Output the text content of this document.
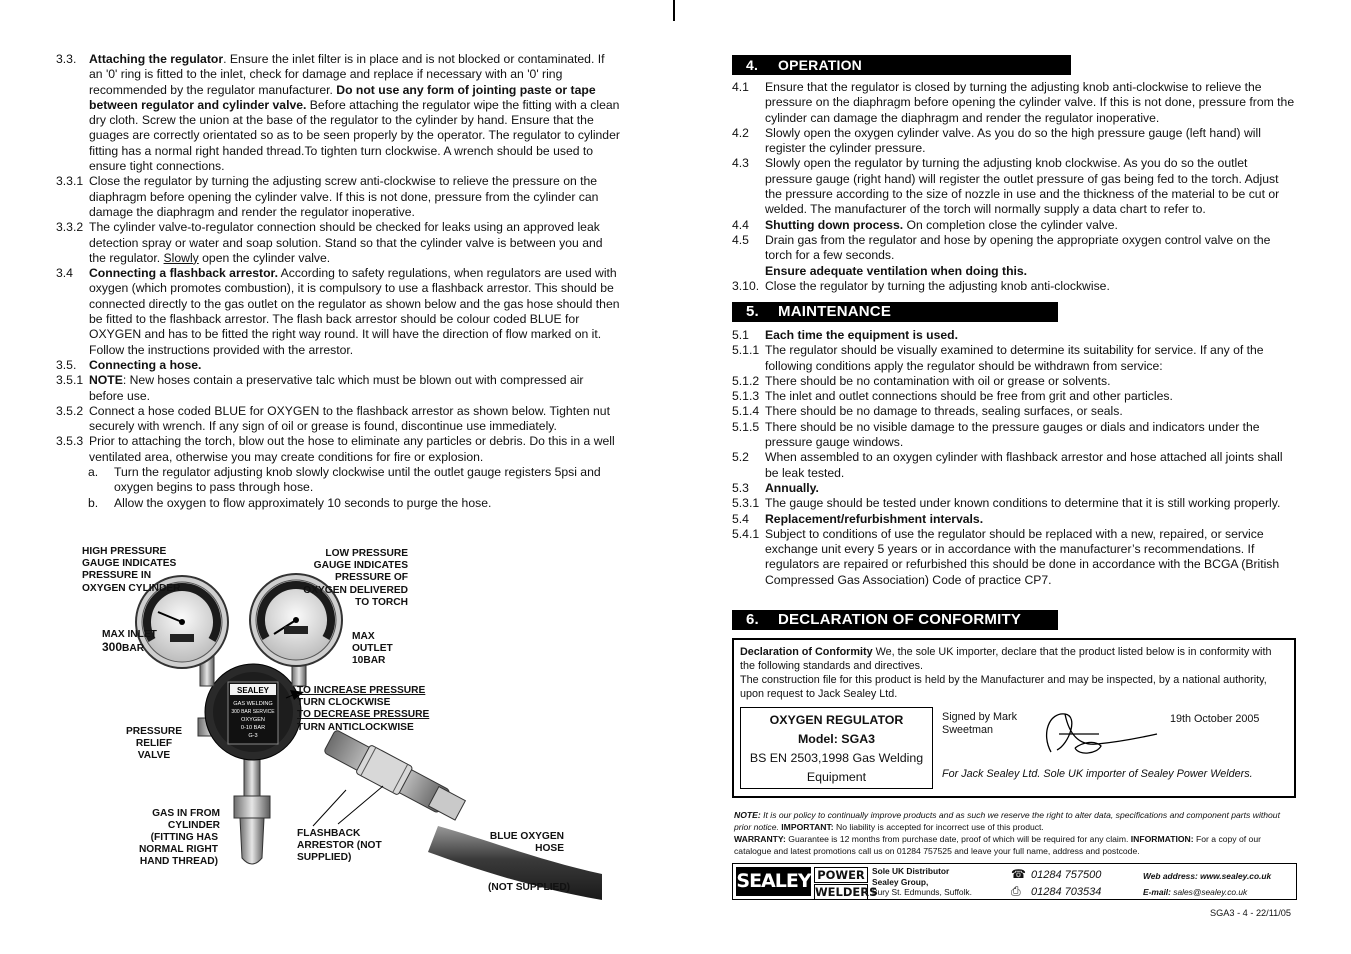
3.3.	Attaching the regulator. Ensure the inlet filter is in place and is not blocked or contaminated. If an '0' ring is fitted to the inlet, check for damage and replace if necessary with an '0' ring recommended by the regulator manufacturer. Do not use any form of jointing paste or tape between regulator and cylinder valve. Before attaching the regulator wipe the fitting with a clean dry cloth. Screw the union at the base of the regulator to the cylinder by hand. Ensure that the guages are correctly orientated so as to be seen properly by the operator. The regulator to cylinder fitting has a normal right handed thread.To tighten turn clockwise. A wrench should be used to ensure tight connections.
3.3.1 Close the regulator by turning the adjusting screw anti-clockwise to relieve the pressure on the diaphragm before opening the cylinder valve. If this is not done, pressure from the cylinder can damage the diaphragm and render the regulator inoperative.
3.3.2 The cylinder valve-to-regulator connection should be checked for leaks using an approved leak detection spray or water and soap solution. Stand so that the cylinder valve is between you and the regulator. Slowly open the cylinder valve.
3.4	Connecting a flashback arrestor. According to safety regulations, when regulators are used with oxygen (which promotes combustion), it is compulsory to use a flashback arrestor. This should be connected directly to the gas outlet on the regulator as shown below and the gas hose should then be fitted to the flashback arrestor. The flash back arrestor should be colour coded BLUE for OXYGEN and has to be fitted the right way round. It will have the direction of flow marked on it. Follow the instructions provided with the arrestor.
3.5.	Connecting a hose.
3.5.1 NOTE: New hoses contain a preservative talc which must be blown out with compressed air before use.
3.5.2 Connect a hose coded BLUE for OXYGEN to the flashback arrestor as shown below. Tighten nut securely with wrench. If any sign of oil or grease is found, discontinue use immediately.
3.5.3 Prior to attaching the torch, blow out the hose to eliminate any particles or debris. Do this in a well ventilated area, otherwise you may create conditions for fire or explosion.
a.	Turn the regulator adjusting knob slowly clockwise until the outlet gauge registers 5psi and oxygen begins to pass through hose.
b.	Allow the oxygen to flow approximately 10 seconds to purge the hose.
SEALEY
GAS WELDING
300 BAR SERVICE
OXYGEN
0-10 BAR
G-3
HIGH PRESSURE GAUGE INDICATES PRESSURE IN OXYGEN CYLINDER
MAX INLET
300BAR
LOW PRESSURE GAUGE INDICATES PRESSURE OF OXYGEN DELIVERED TO TORCH
MAX OUTLET 10BAR
TO INCREASE PRESSURE
TURN CLOCKWISE
TO DECREASE PRESSURE
TURN ANTICLOCKWISE
PRESSURE RELIEF VALVE
GAS IN FROM CYLINDER
(FITTING HAS NORMAL RIGHT HAND THREAD)
FLASHBACK ARRESTOR (NOT SUPPLIED)
BLUE OXYGEN HOSE
(NOT SUPPLIED)
4. OPERATION
4.1	Ensure that the regulator is closed by turning the adjusting knob anti-clockwise to relieve the pressure on the diaphragm before opening the cylinder valve. If this is not done, pressure from the cylinder can damage the diaphragm and render the regulator inoperative.
4.2	Slowly open the oxygen cylinder valve. As you do so the high pressure gauge (left hand) will register the cylinder pressure.
4.3	Slowly open the regulator by turning the adjusting knob clockwise. As you do so the outlet pressure gauge (right hand) will register the outlet pressure of gas being fed to the torch. Adjust the pressure according to the size of nozzle in use and the thickness of the material to be cut or welded. The manufacturer of the torch will normally supply a data chart to refer to.
4.4	Shutting down process. On completion close the cylinder valve.
4.5	Drain gas from the regulator and hose by opening the appropriate oxygen control valve on the torch for a few seconds.
Ensure adequate ventilation when doing this.
3.10. Close the regulator by turning the adjusting knob anti-clockwise.
5. MAINTENANCE
5.1	Each time the equipment is used.
5.1.1 The regulator should be visually examined to determine its suitability for service. If any of the following conditions apply the regulator should be withdrawn from service:
5.1.2 There should be no contamination with oil or grease or solvents.
5.1.3 The inlet and outlet connections should be free from grit and other particles.
5.1.4 There should be no damage to threads, sealing surfaces, or seals.
5.1.5 There should be no visible damage to the pressure gauges or dials and indicators under the pressure gauge windows.
5.2	When assembled to an oxygen cylinder with flashback arrestor and hose attached all joints shall be leak tested.
5.3	Annually.
5.3.1 The gauge should be tested under known conditions to determine that it is still working properly.
5.4	Replacement/refurbishment intervals.
5.4.1 Subject to conditions of use the regulator should be replaced with a new, repaired, or service exchange unit every 5 years or in accordance with the manufacturer’s recommendations. If regulators are repaired or refurbished this should be done in accordance with the BCGA (British Compressed Gas Association) Code of practice CP7.
6. DECLARATION OF CONFORMITY
Declaration of Conformity We, the sole UK importer, declare that the product listed below is in conformity with the following standards and directives.
The construction file for this product is held by the Manufacturer and may be inspected, by a national authority, upon request to Jack Sealey Ltd.
OXYGEN REGULATOR
Model: SGA3
BS EN 2503,1998 Gas Welding Equipment
Signed by Mark Sweetman
19th October 2005
For Jack Sealey Ltd. Sole UK importer of Sealey Power Welders.
NOTE: It is our policy to continually improve products and as such we reserve the right to alter data, specifications and component parts without prior notice. IMPORTANT: No liability is accepted for incorrect use of this product.
WARRANTY: Guarantee is 12 months from purchase date, proof of which will be required for any claim. INFORMATION: For a copy of our catalogue and latest promotions call us on 01284 757525 and leave your full name, address and postcode.
SEALEY POWER
WELDERS
Sole UK Distributor
Sealey Group,
Bury St. Edmunds, Suffolk.
☎ 01284 757500
⎙ 01284 703534
Web address: www.sealey.co.uk
E-mail: sales@sealey.co.uk
SGA3 - 4 - 22/11/05
